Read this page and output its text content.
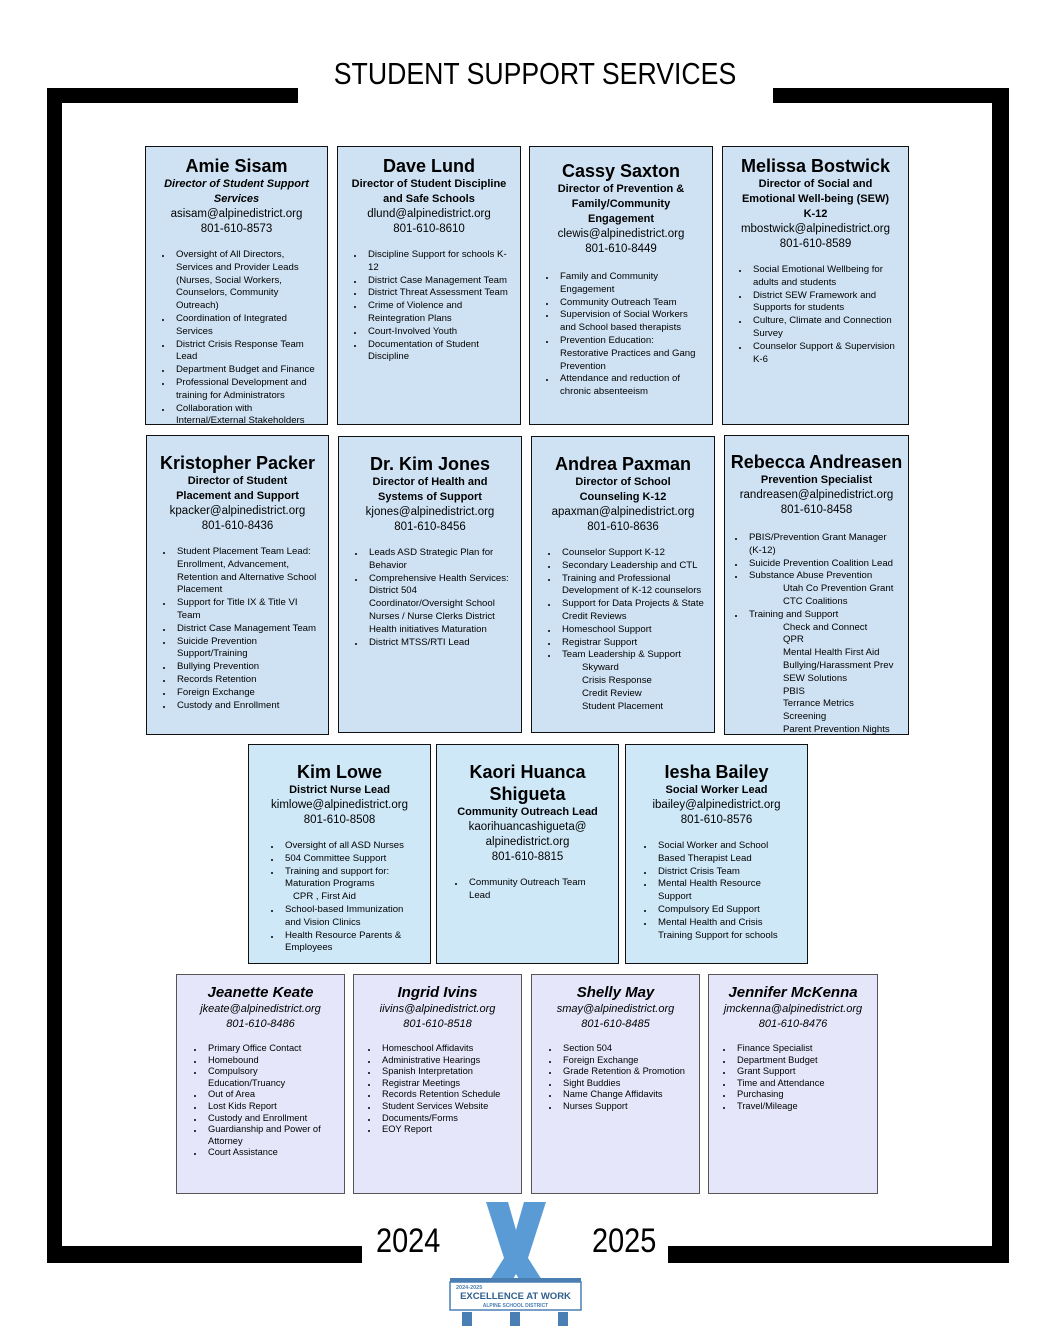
STUDENT SUPPORT SERVICES
Amie Sisam
Director of Student Support Services
asisam@alpinedistrict.org
801-610-8573
• Oversight of All Directors, Services and Provider Leads (Nurses, Social Workers, Counselors, Community Outreach)
• Coordination of Integrated Services
• District Crisis Response Team Lead
• Department Budget and Finance
• Professional Development and training for Administrators
• Collaboration with Internal/External Stakeholders
Dave Lund
Director of Student Discipline and Safe Schools
dlund@alpinedistrict.org
801-610-8610
• Discipline Support for schools K-12
• District Case Management Team
• District Threat Assessment Team
• Crime of Violence and Reintegration Plans
• Court-Involved Youth
• Documentation of Student Discipline
Cassy Saxton
Director of Prevention & Family/Community Engagement
clewis@alpinedistrict.org
801-610-8449
• Family and Community Engagement
• Community Outreach Team
• Supervision of Social Workers and School based therapists
• Prevention Education: Restorative Practices and Gang Prevention
• Attendance and reduction of chronic absenteeism
Melissa Bostwick
Director of Social and Emotional Well-being (SEW) K-12
mbostwick@alpinedistrict.org
801-610-8589
• Social Emotional Wellbeing for adults and students
• District SEW Framework and Supports for students
• Culture, Climate and Connection Survey
• Counselor Support & Supervision K-6
Kristopher Packer
Director of Student Placement and Support
kpacker@alpinedistrict.org
801-610-8436
• Student Placement Team Lead: Enrollment, Advancement, Retention and Alternative School Placement
• Support for Title IX & Title VI Team
• District Case Management Team
• Suicide Prevention Support/Training
• Bullying Prevention
• Records Retention
• Foreign Exchange
• Custody and Enrollment
Dr. Kim Jones
Director of Health and Systems of Support
kjones@alpinedistrict.org
801-610-8456
• Leads ASD Strategic Plan for Behavior
• Comprehensive Health Services: District 504 Coordinator/Oversight School Nurses / Nurse Clerks District Health initiatives Maturation
• District MTSS/RTI Lead
Andrea Paxman
Director of School Counseling K-12
apaxman@alpinedistrict.org
801-610-8636
• Counselor Support K-12
• Secondary Leadership and CTL
• Training and Professional Development of K-12 counselors
• Support for Data Projects & State Credit Reviews
• Homeschool Support
• Registrar Support
• Team Leadership & Support
Skyward
Crisis Response
Credit Review
Student Placement
Rebecca Andreasen
Prevention Specialist
randreasen@alpinedistrict.org
801-610-8458
• PBIS/Prevention Grant Manager (K-12)
• Suicide Prevention Coalition Lead
• Substance Abuse Prevention
Utah Co Prevention Grant
CTC Coalitions
• Training and Support
Check and Connect
QPR
Mental Health First Aid
Bullying/Harassment Prev
SEW Solutions
PBIS
Terrance Metrics Screening
Parent Prevention Nights
Kim Lowe
District Nurse Lead
kimlowe@alpinedistrict.org
801-610-8508
• Oversight of all ASD Nurses
• 504 Committee Support
• Training and support for: Maturation Programs
CPR , First Aid
• School-based Immunization and Vision Clinics
• Health Resource Parents & Employees
Kaori Huanca Shigueta
Community Outreach Lead
kaorihuancashigueta@ alpinedistrict.org
801-610-8815
• Community Outreach Team Lead
Iesha Bailey
Social Worker Lead
ibailey@alpinedistrict.org
801-610-8576
• Social Worker and School Based Therapist Lead
• District Crisis Team
• Mental Health Resource Support
• Compulsory Ed Support
• Mental Health and Crisis Training Support for schools
Jeanette Keate
jkeate@alpinedistrict.org
801-610-8486
• Primary Office Contact
• Homebound
• Compulsory Education/Truancy
• Out of Area
• Lost Kids Report
• Custody and Enrollment
• Guardianship and Power of Attorney
• Court Assistance
Ingrid Ivins
iivins@alpinedistrict.org
801-610-8518
• Homeschool Affidavits
• Administrative Hearings
• Spanish Interpretation
• Registrar Meetings
• Records Retention Schedule
• Student Services Website
• Documents/Forms
• EOY Report
Shelly May
smay@alpinedistrict.org
801-610-8485
• Section 504
• Foreign Exchange
• Grade Retention & Promotion
• Sight Buddies
• Name Change Affidavits
• Nurses Support
Jennifer McKenna
jmckenna@alpinedistrict.org
801-610-8476
• Finance Specialist
• Department Budget
• Grant Support
• Time and Attendance
• Purchasing
• Travel/Mileage
2024	2025
2024-2025
EXCELLENCE AT WORK
ALPINE SCHOOL DISTRICT
